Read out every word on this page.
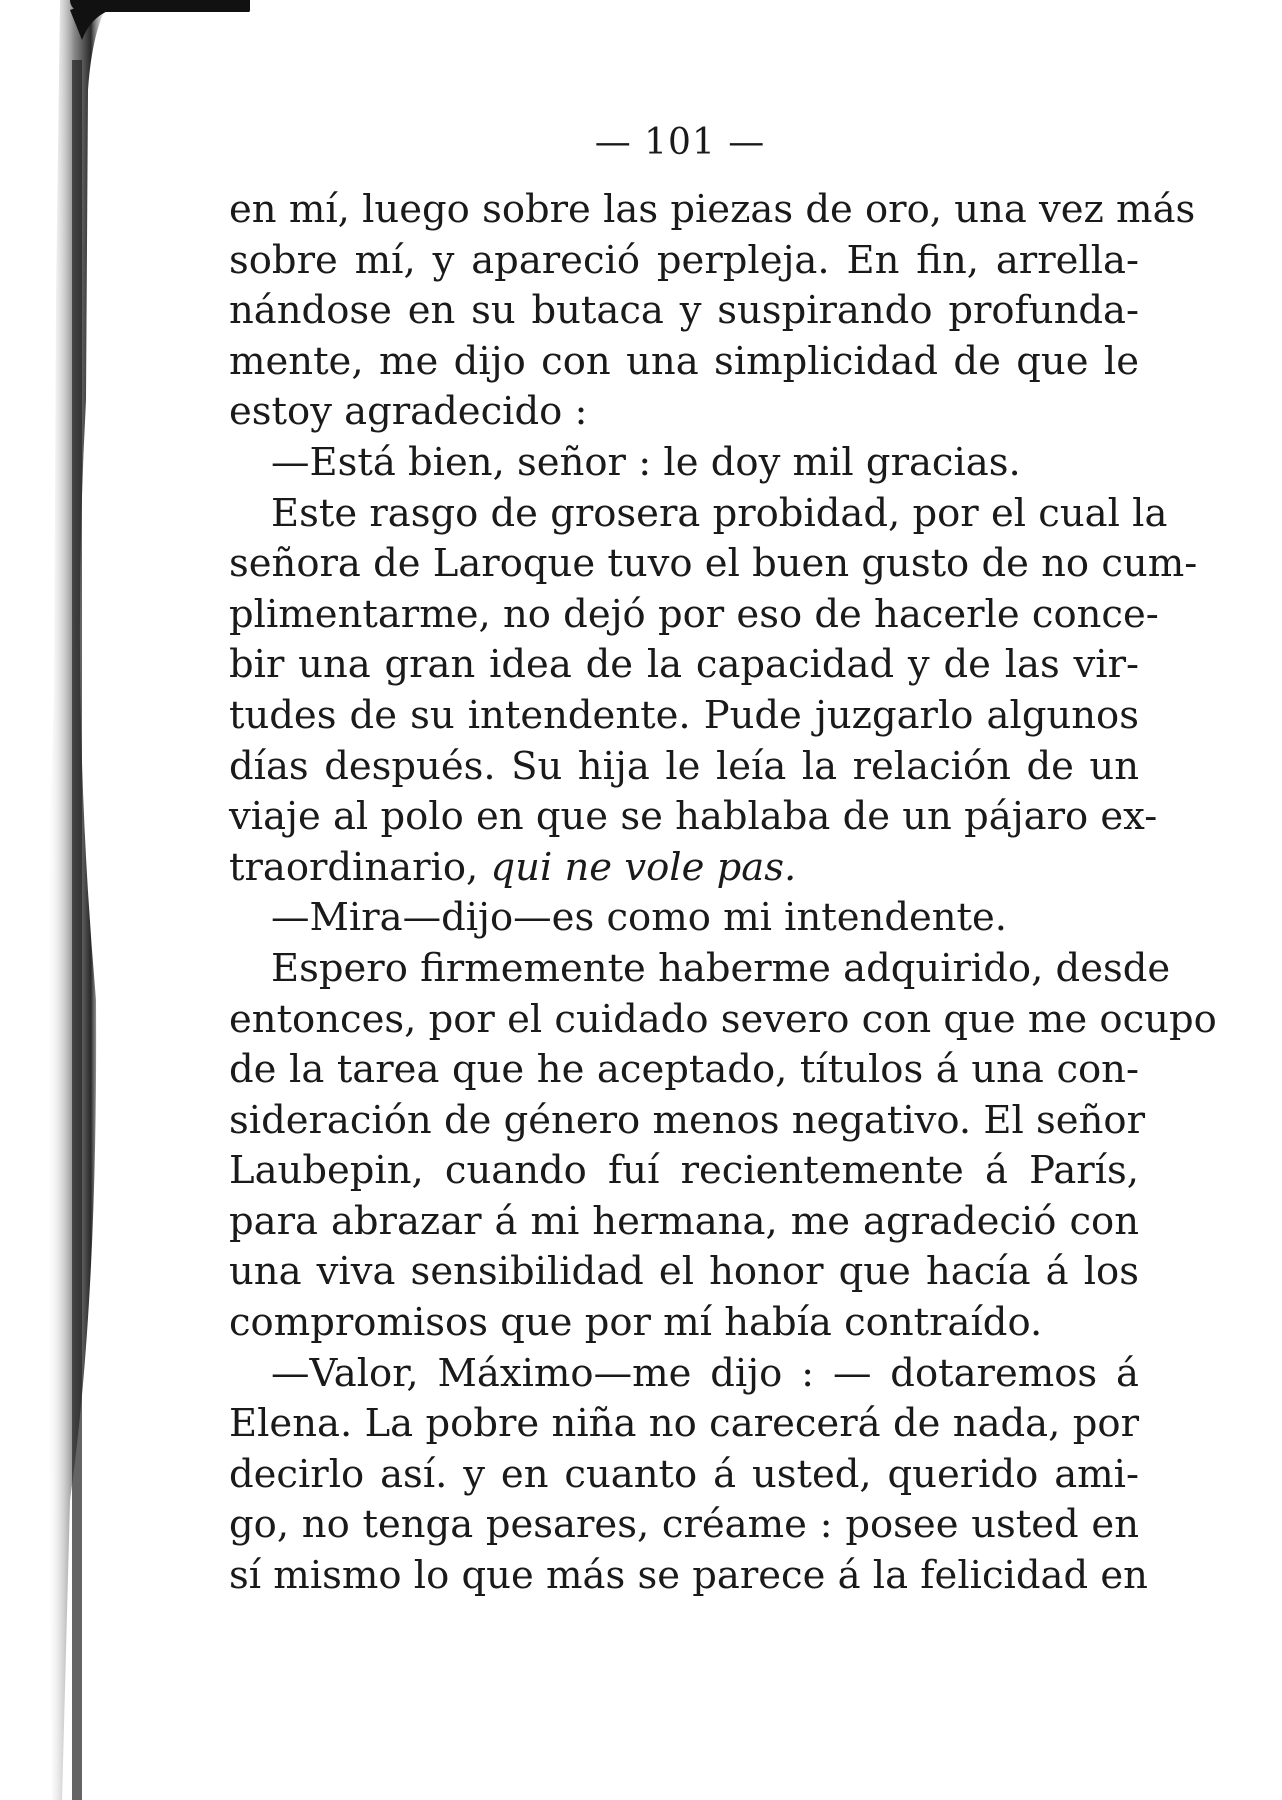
— 101 —
en mí, luego sobre las piezas de oro, una vez más
sobre mí, y apareció perpleja. En fin, arrella-
nándose en su butaca y suspirando profunda-
mente, me dijo con una simplicidad de que le
estoy agradecido :
—Está bien, señor : le doy mil gracias.
Este rasgo de grosera probidad, por el cual la
señora de Laroque tuvo el buen gusto de no cum-
plimentarme, no dejó por eso de hacerle conce-
bir una gran idea de la capacidad y de las vir-
tudes de su intendente. Pude juzgarlo algunos
días después. Su hija le leía la relación de un
viaje al polo en que se hablaba de un pájaro ex-
traordinario, qui ne vole pas.
—Mira—dijo—es como mi intendente.
Espero firmemente haberme adquirido, desde
entonces, por el cuidado severo con que me ocupo
de la tarea que he aceptado, títulos á una con-
sideración de género menos negativo. El señor
Laubepin, cuando fuí recientemente á París,
para abrazar á mi hermana, me agradeció con
una viva sensibilidad el honor que hacía á los
compromisos que por mí había contraído.
—Valor, Máximo—me dijo : — dotaremos á
Elena. La pobre niña no carecerá de nada, por
decirlo así. y en cuanto á usted, querido ami-
go, no tenga pesares, créame : posee usted en
sí mismo lo que más se parece á la felicidad en
